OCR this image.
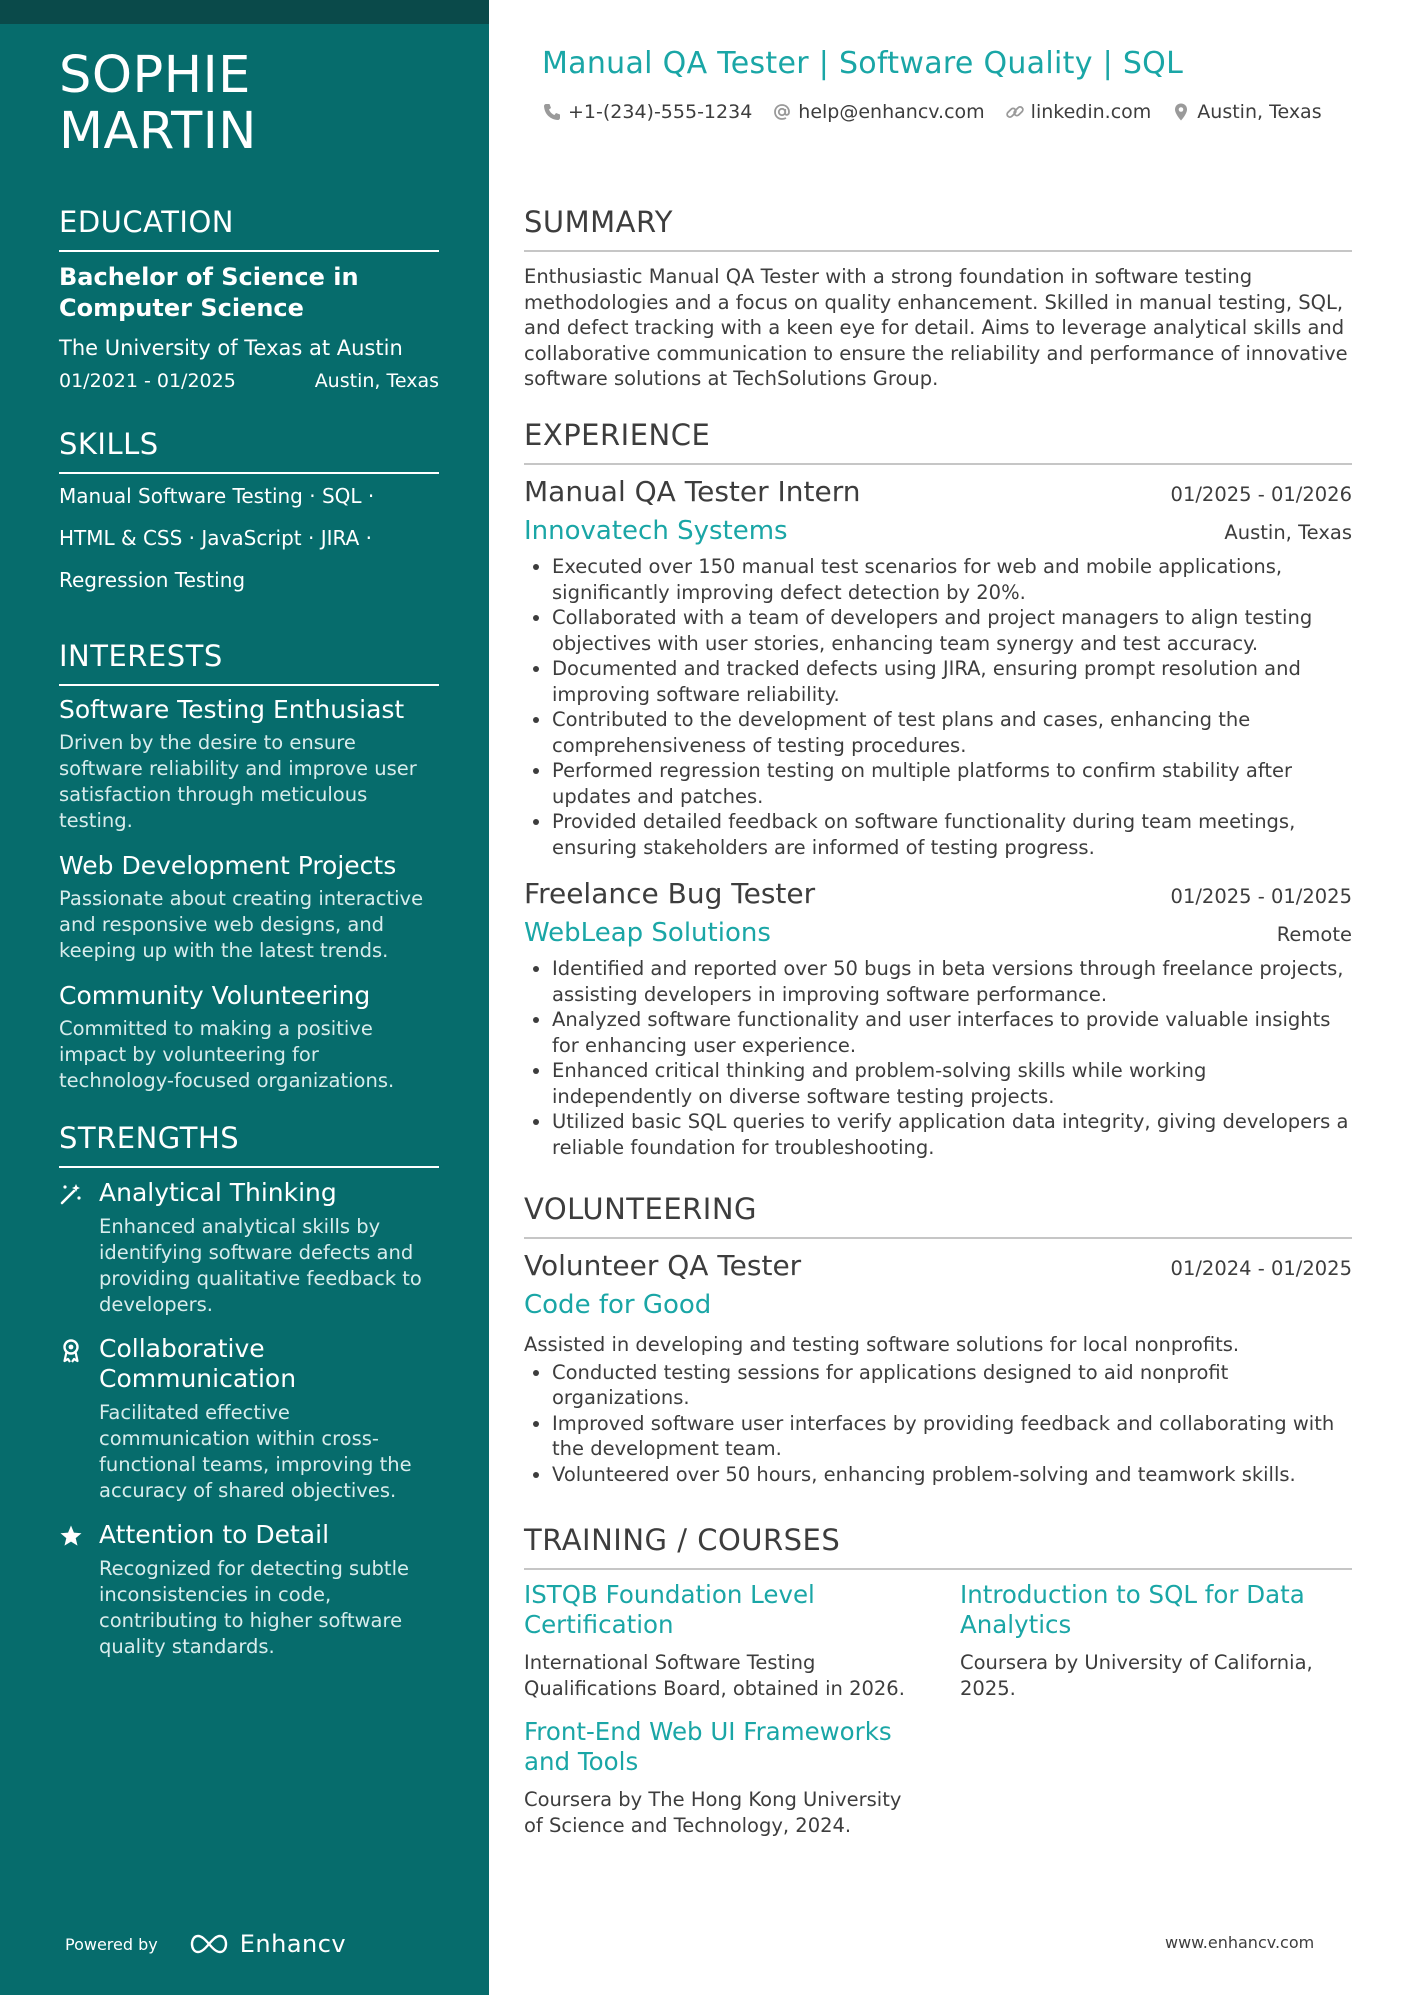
SOPHIE
MARTIN
EDUCATION
Bachelor of Science in Computer Science
The University of Texas at Austin
01/2021 - 01/2025	Austin, Texas
SKILLS
Manual Software Testing · SQL ·
HTML & CSS · JavaScript · JIRA ·
Regression Testing
INTERESTS
Software Testing Enthusiast
Driven by the desire to ensure software reliability and improve user satisfaction through meticulous testing.
Web Development Projects
Passionate about creating interactive and responsive web designs, and keeping up with the latest trends.
Community Volunteering
Committed to making a positive impact by volunteering for technology-focused organizations.
STRENGTHS
Analytical Thinking
Enhanced analytical skills by identifying software defects and providing qualitative feedback to developers.
Collaborative Communication
Facilitated effective communication within cross-functional teams, improving the accuracy of shared objectives.
Attention to Detail
Recognized for detecting subtle inconsistencies in code, contributing to higher software quality standards.
Powered by	Enhancv
Manual QA Tester | Software Quality | SQL
+1-(234)-555-1234 help@enhancv.com linkedin.com Austin, Texas
SUMMARY
Enthusiastic Manual QA Tester with a strong foundation in software testing methodologies and a focus on quality enhancement. Skilled in manual testing, SQL, and defect tracking with a keen eye for detail. Aims to leverage analytical skills and collaborative communication to ensure the reliability and performance of innovative software solutions at TechSolutions Group.
EXPERIENCE
Manual QA Tester Intern	01/2025 - 01/2026
Innovatech Systems	Austin, Texas
• Executed over 150 manual test scenarios for web and mobile applications, significantly improving defect detection by 20%.
• Collaborated with a team of developers and project managers to align testing objectives with user stories, enhancing team synergy and test accuracy.
• Documented and tracked defects using JIRA, ensuring prompt resolution and improving software reliability.
• Contributed to the development of test plans and cases, enhancing the comprehensiveness of testing procedures.
• Performed regression testing on multiple platforms to confirm stability after updates and patches.
• Provided detailed feedback on software functionality during team meetings, ensuring stakeholders are informed of testing progress.
Freelance Bug Tester	01/2025 - 01/2025
WebLeap Solutions	Remote
• Identified and reported over 50 bugs in beta versions through freelance projects, assisting developers in improving software performance.
• Analyzed software functionality and user interfaces to provide valuable insights for enhancing user experience.
• Enhanced critical thinking and problem-solving skills while working independently on diverse software testing projects.
• Utilized basic SQL queries to verify application data integrity, giving developers a reliable foundation for troubleshooting.
VOLUNTEERING
Volunteer QA Tester	01/2024 - 01/2025
Code for Good
Assisted in developing and testing software solutions for local nonprofits.
• Conducted testing sessions for applications designed to aid nonprofit organizations.
• Improved software user interfaces by providing feedback and collaborating with the development team.
• Volunteered over 50 hours, enhancing problem-solving and teamwork skills.
TRAINING / COURSES
ISTQB Foundation Level Certification
International Software Testing Qualifications Board, obtained in 2026.
Introduction to SQL for Data Analytics
Coursera by University of California, 2025.
Front-End Web UI Frameworks and Tools
Coursera by The Hong Kong University of Science and Technology, 2024.
www.enhancv.com
